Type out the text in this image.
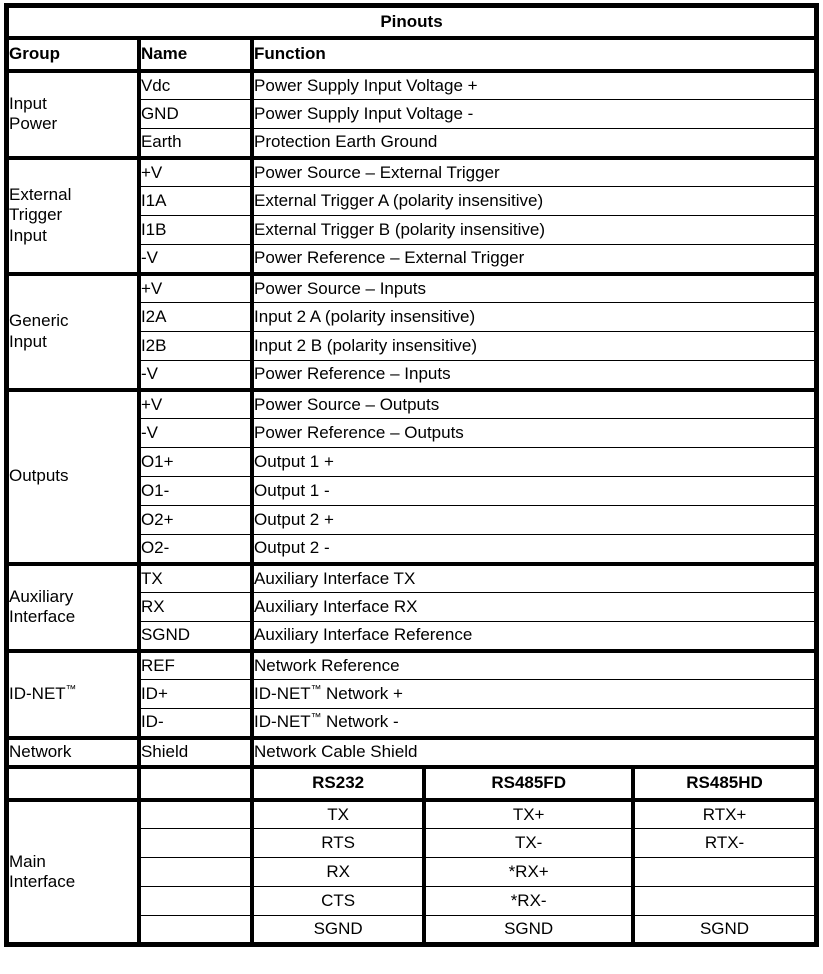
Pinouts				
Group	Name	Function		

Input
Power	Vdc	Power Supply Input Voltage +		
	GND	Power Supply Input Voltage -		
	Earth	Protection Earth Ground		

External
Trigger
Input	+V	Power Source – External Trigger		
	I1A	External Trigger A (polarity insensitive)		
	I1B	External Trigger B (polarity insensitive)		
	-V	Power Reference – External Trigger		

Generic
Input	+V	Power Source – Inputs		
	I2A	Input 2 A (polarity insensitive)		
	I2B	Input 2 B (polarity insensitive)		
	-V	Power Reference – Inputs		

Outputs	+V	Power Source – Outputs		
	-V	Power Reference – Outputs		
	O1+	Output 1 +		
	O1-	Output 1 -		
	O2+	Output 2 +		
	O2-	Output 2 -		

Auxiliary
Interface	TX	Auxiliary Interface TX		
	RX	Auxiliary Interface RX		
	SGND	Auxiliary Interface Reference		

ID-NET™	REF	Network Reference		
	ID+	ID-NET™ Network +		
	ID-	ID-NET™ Network -		

Network	Shield	Network Cable Shield		
		RS232	RS485FD	RS485HD

Main
Interface		TX	TX+	RTX+
		RTS	TX-	RTX-
		RX	*RX+	
		CTS	*RX-	
		SGND	SGND	SGND
